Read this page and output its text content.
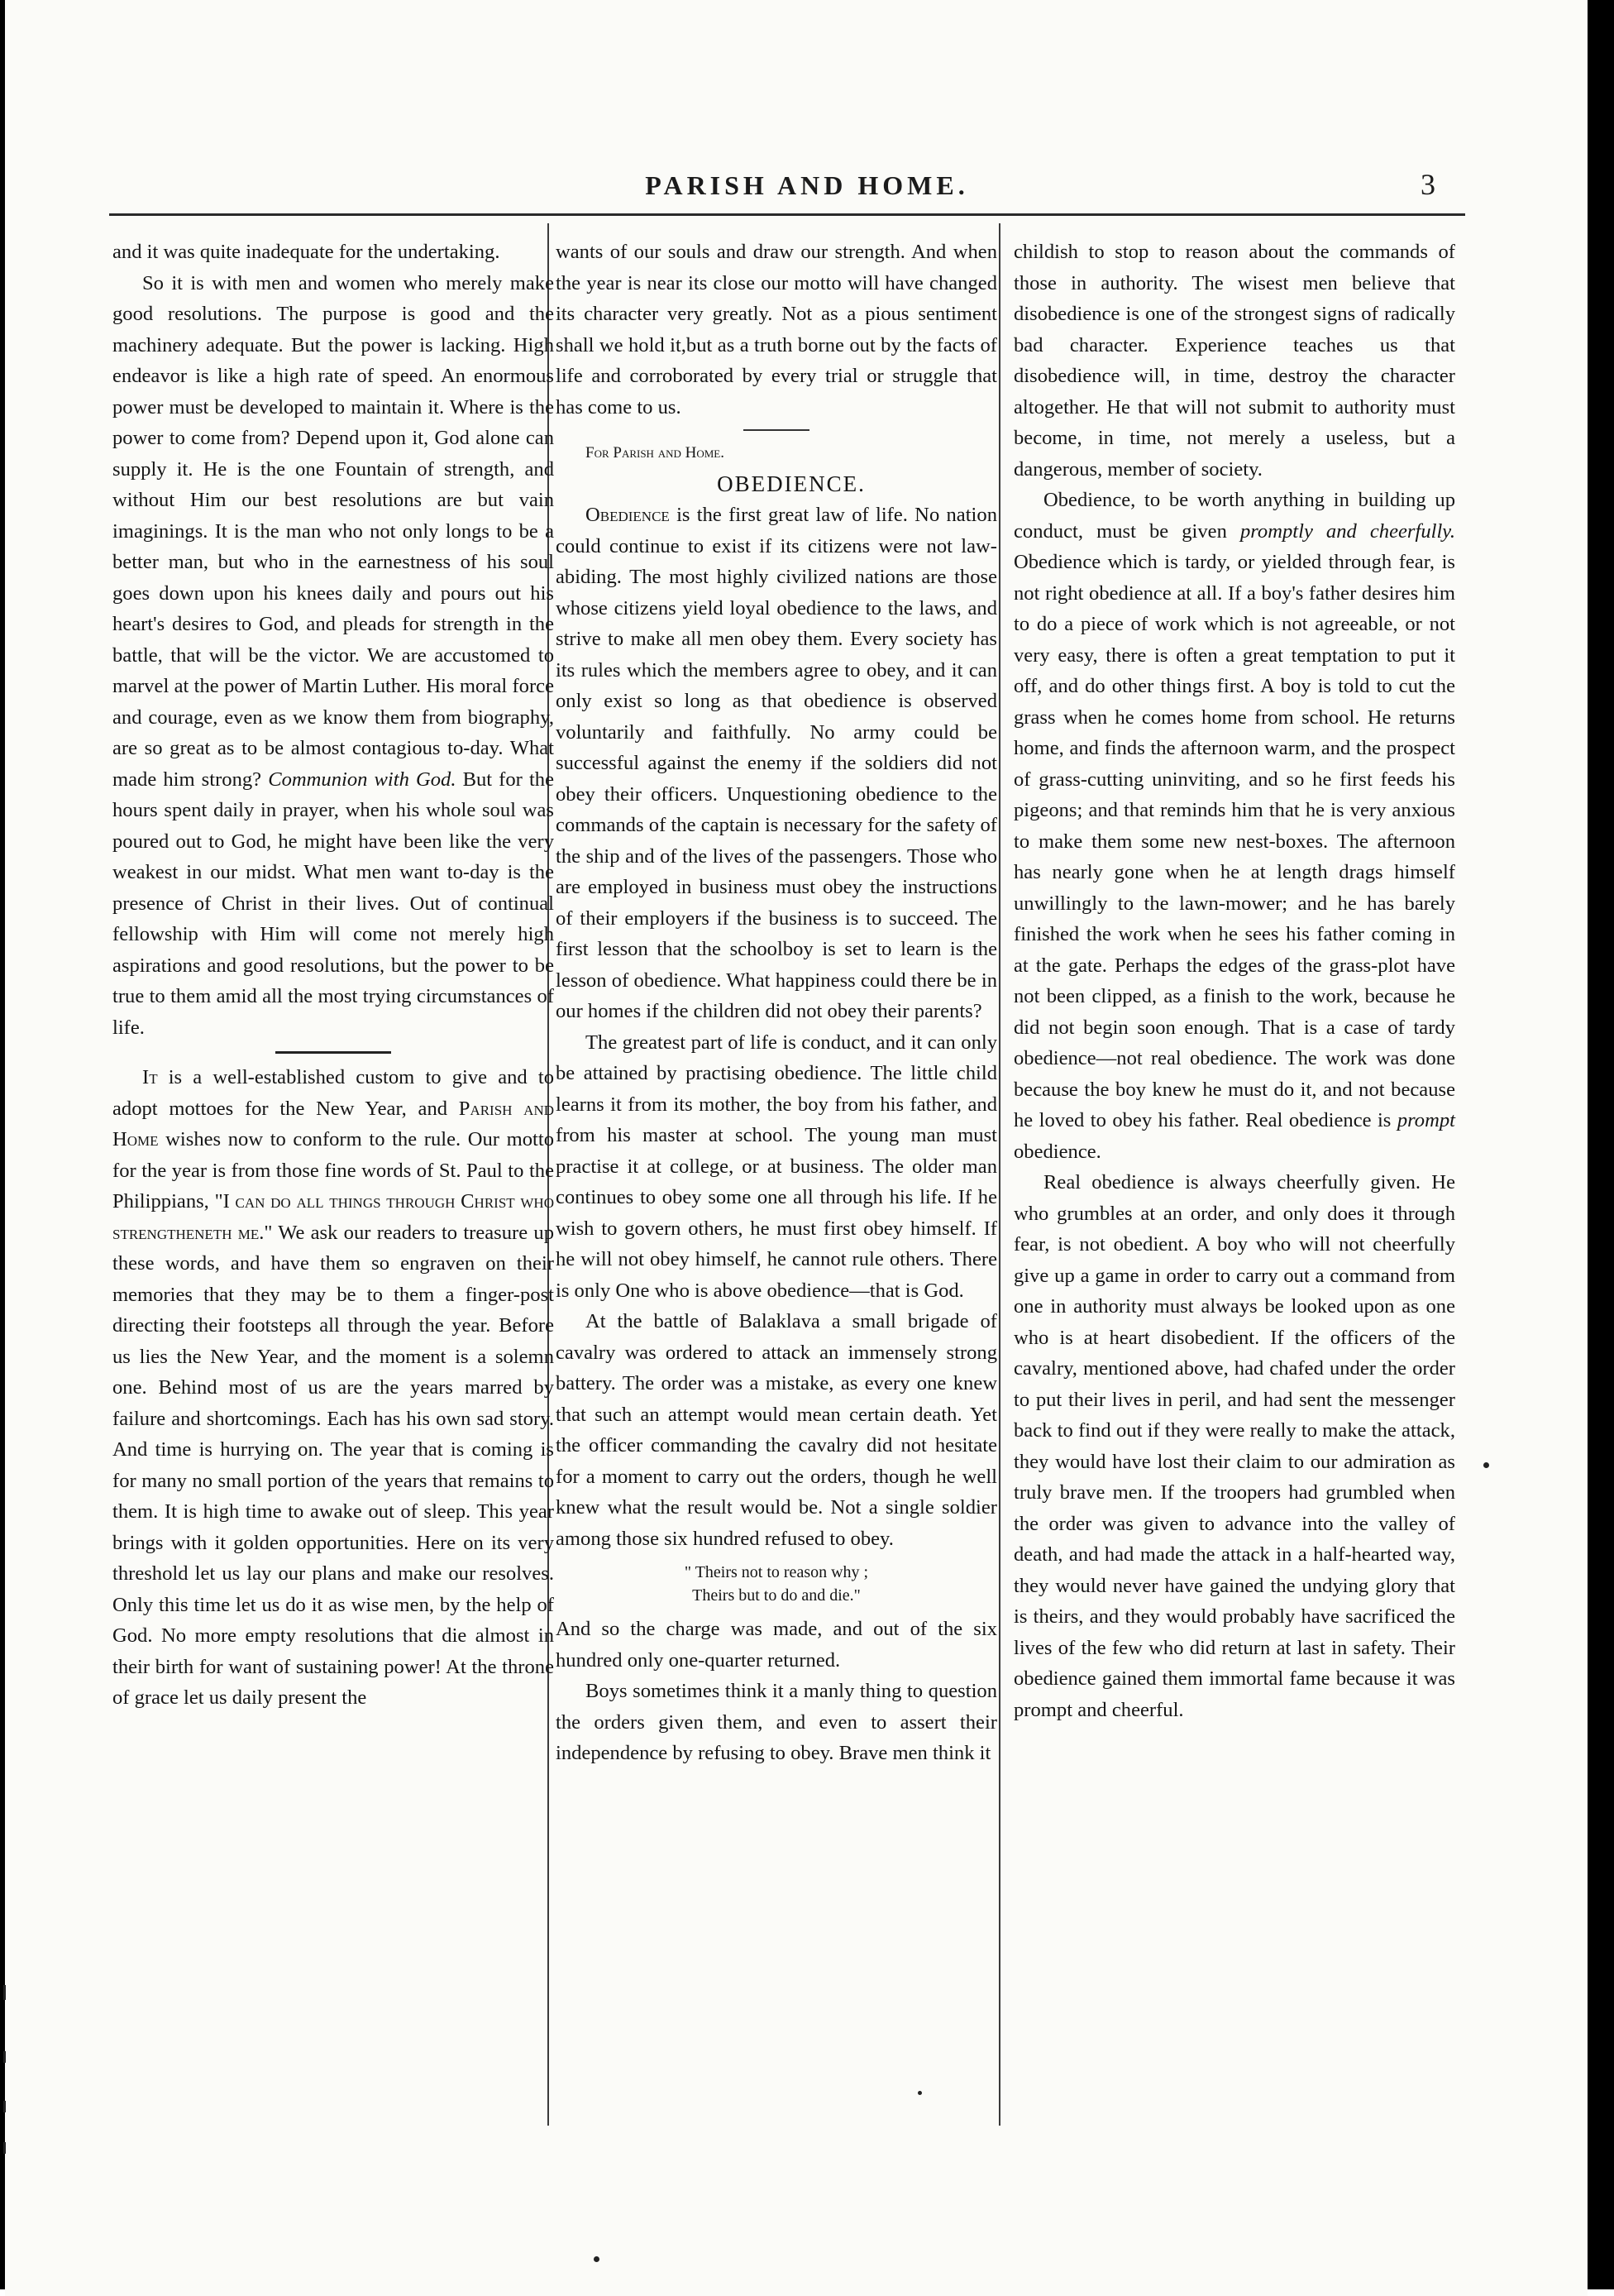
PARISH AND HOME.	3

and it was quite inadequate for the undertaking.

So it is with men and women who merely make good resolutions. The purpose is good and the machinery adequate. But the power is lacking. High endeavor is like a high rate of speed. An enormous power must be developed to maintain it. Where is the power to come from? Depend upon it, God alone can supply it. He is the one Fountain of strength, and without Him our best resolutions are but vain imaginings. It is the man who not only longs to be a better man, but who in the earnestness of his soul goes down upon his knees daily and pours out his heart's desires to God, and pleads for strength in the battle, that will be the victor. We are accustomed to marvel at the power of Martin Luther. His moral force and courage, even as we know them from biography, are so great as to be almost contagious to-day. What made him strong? Communion with God. But for the hours spent daily in prayer, when his whole soul was poured out to God, he might have been like the very weakest in our midst. What men want to-day is the presence of Christ in their lives. Out of continual fellowship with Him will come not merely high aspirations and good resolutions, but the power to be true to them amid all the most trying circumstances of life.

It is a well-established custom to give and to adopt mottoes for the New Year, and Parish and Home wishes now to conform to the rule. Our motto for the year is from those fine words of St. Paul to the Philippians, "I can do all things through Christ who strengtheneth me." We ask our readers to treasure up these words, and have them so engraven on their memories that they may be to them a finger-post directing their footsteps all through the year. Before us lies the New Year, and the moment is a solemn one. Behind most of us are the years marred by failure and shortcomings. Each has his own sad story. And time is hurrying on. The year that is coming is for many no small portion of the years that remains to them. It is high time to awake out of sleep. This year brings with it golden opportunities. Here on its very threshold let us lay our plans and make our resolves. Only this time let us do it as wise men, by the help of God. No more empty resolutions that die almost in their birth for want of sustaining power! At the throne of grace let us daily present the

wants of our souls and draw our strength. And when the year is near its close our motto will have changed its character very greatly. Not as a pious sentiment shall we hold it,but as a truth borne out by the facts of life and corroborated by every trial or struggle that has come to us.

For Parish and Home.

OBEDIENCE.

Obedience is the first great law of life. No nation could continue to exist if its citizens were not law-abiding. The most highly civilized nations are those whose citizens yield loyal obedience to the laws, and strive to make all men obey them. Every society has its rules which the members agree to obey, and it can only exist so long as that obedience is observed voluntarily and faithfully. No army could be successful against the enemy if the soldiers did not obey their officers. Unquestioning obedience to the commands of the captain is necessary for the safety of the ship and of the lives of the passengers. Those who are employed in business must obey the instructions of their employers if the business is to succeed. The first lesson that the schoolboy is set to learn is the lesson of obedience. What happiness could there be in our homes if the children did not obey their parents?

The greatest part of life is conduct, and it can only be attained by practising obedience. The little child learns it from its mother, the boy from his father, and from his master at school. The young man must practise it at college, or at business. The older man continues to obey some one all through his life. If he wish to govern others, he must first obey himself. If he will not obey himself, he cannot rule others. There is only One who is above obedience—that is God.

At the battle of Balaklava a small brigade of cavalry was ordered to attack an immensely strong battery. The order was a mistake, as every one knew that such an attempt would mean certain death. Yet the officer commanding the cavalry did not hesitate for a moment to carry out the orders, though he well knew what the result would be. Not a single soldier among those six hundred refused to obey.

" Theirs not to reason why ;
Theirs but to do and die."

And so the charge was made, and out of the six hundred only one-quarter returned.

Boys sometimes think it a manly thing to question the orders given them, and even to assert their independence by refusing to obey. Brave men think it

childish to stop to reason about the commands of those in authority. The wisest men believe that disobedience is one of the strongest signs of radically bad character. Experience teaches us that disobedience will, in time, destroy the character altogether. He that will not submit to authority must become, in time, not merely a useless, but a dangerous, member of society.

Obedience, to be worth anything in building up conduct, must be given promptly and cheerfully. Obedience which is tardy, or yielded through fear, is not right obedience at all. If a boy's father desires him to do a piece of work which is not agreeable, or not very easy, there is often a great temptation to put it off, and do other things first. A boy is told to cut the grass when he comes home from school. He returns home, and finds the afternoon warm, and the prospect of grass-cutting uninviting, and so he first feeds his pigeons; and that reminds him that he is very anxious to make them some new nest-boxes. The afternoon has nearly gone when he at length drags himself unwillingly to the lawn-mower; and he has barely finished the work when he sees his father coming in at the gate. Perhaps the edges of the grass-plot have not been clipped, as a finish to the work, because he did not begin soon enough. That is a case of tardy obedience—not real obedience. The work was done because the boy knew he must do it, and not because he loved to obey his father. Real obedience is prompt obedience.

Real obedience is always cheerfully given. He who grumbles at an order, and only does it through fear, is not obedient. A boy who will not cheerfully give up a game in order to carry out a command from one in authority must always be looked upon as one who is at heart disobedient. If the officers of the cavalry, mentioned above, had chafed under the order to put their lives in peril, and had sent the messenger back to find out if they were really to make the attack, they would have lost their claim to our admiration as truly brave men. If the troopers had grumbled when the order was given to advance into the valley of death, and had made the attack in a half-hearted way, they would never have gained the undying glory that is theirs, and they would probably have sacrificed the lives of the few who did return at last in safety. Their obedience gained them immortal fame because it was prompt and cheerful.
